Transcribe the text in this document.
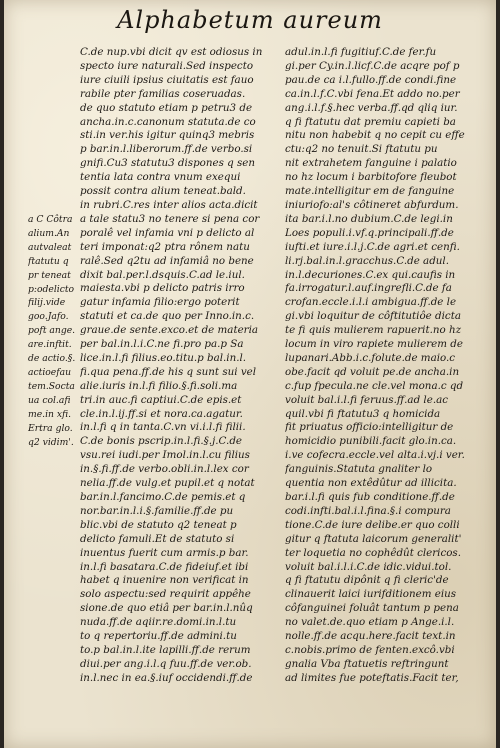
Alphabetum aureum
a C Côtra
alium.An
autvaleat
ftatutu q
pr teneat
p:odelicto
filij.vide
goo.Jafo.
poft ange.
are.inftit.
de actio.§.
actioefau
tem.Socta
ua col.afi
me.in xfi.
Ertra glo.
q2 vidim'.
C.de nup.vbi dicit qv est odiosus in
specto iure naturali.Sed inspecto
iure ciuili ipsius ciuitatis est fauo
rabile pter familias coseruadas.
de quo statuto etiam p petru3 de
ancha.in.c.canonum statuta.de co
sti.in ver.his igitur quinq3 mebris
p bar.in.l.liberorum.ff.de verbo.si
gnifi.Cu3 statutu3 dispones q sen
tentia lata contra vnum exequi
possit contra alium teneat.bald.
in rubri.C.res inter alios acta.dicit
a tale statu3 no tenere si pena cor
poralê vel infamia vni p delicto al
teri imponat:q2 ptra rônem natu
ralê.Sed q2tu ad infamiâ no bene
dixit bal.per.l.dsquis.C.ad le.iul.
maiesta.vbi p delicto patris irro
gatur infamia filio:ergo poterit
statuti et ca.de quo per Inno.in.c.
graue.de sente.exco.et de materia
per bal.in.l.i.C.ne fi.pro pa.p Sa
lice.in.l.fi filius.eo.titu.p bal.in.l.
fi.qua pena.ff.de his q sunt sui vel
alie.iuris in.l.fi filio.§.fi.soli.ma
tri.in auc.fi captiui.C.de epis.et
cle.in.l.ij.ff.si et nora.ca.agatur.
in.l.fi q in tanta.C.vn vi.i.l.fi filii.
C.de bonis pscrip.in.l.fi.§.j.C.de
vsu.rei iudi.per Imol.in.l.cu filius
in.§.fi.ff.de verbo.obli.in.l.lex cor
nelia.ff.de vulg.et pupil.et q notat
bar.in.l.fancimo.C.de pemis.et q
nor.bar.in.l.i.§.familie.ff.de pu
blic.vbi de statuto q2 teneat p
delicto famuli.Et de statuto si
inuentus fuerit cum armis.p bar.
in.l.fi basatara.C.de fideiuf.et ibi
habet q inuenire non verificat in
solo aspectu:sed requirit appêhe
sione.de quo etiâ per bar.in.l.nûq
nuda.ff.de aqiir.re.domi.in.l.tu
to q repertoriu.ff.de admini.tu
to.p bal.in.l.ite lapilli.ff.de rerum
diui.per ang.i.l.q fuu.ff.de ver.ob.
in.l.nec in ea.§.iuf occidendi.ff.de
adul.in.l.fi fugitiuf.C.de fer.fu
gi.per Cy.in.l.licf.C.de acqre pof p
pau.de ca i.l.fullo.ff.de condi.fine
ca.in.l.f.C.vbi fena.Et addo no.per
ang.i.l.f.§.hec verba.ff.qd qliq iur.
q fi ftatutu dat premiu capieti ba
nitu non habebit q no cepit cu effe
ctu:q2 no tenuit.Si ftatutu pu
nit extrahetem fanguine i palatio
no hz locum i barbitofore fleubot
mate.intelligitur em de fanguine
iniuriofo:al's côtineret abfurdum.
ita bar.i.l.no dubium.C.de legi.in
Loes populi.i.vf.q.principali.ff.de
iufti.et iure.i.l.j.C.de agri.et cenfi.
li.rj.bal.in.l.gracchus.C.de adul.
in.l.decuriones.C.ex qui.caufis in
fa.irrogatur.l.auf.ingrefli.C.de fa
crofan.eccle.i.l.i ambigua.ff.de le
gi.vbi loquitur de côftitutiôe dicta
te fi quis mulierem rapuerit.no hz
locum in viro rapiete mulierem de
lupanari.Abb.i.c.folute.de maio.c
obe.facit qd voluit pe.de ancha.in
c.fup fpecula.ne cle.vel mona.c qd
voluit bal.i.l.fi feruus.ff.ad le.ac
quil.vbi fi ftatutu3 q homicida
fit priuatus officio:intelligitur de
homicidio punibili.facit glo.in.ca.
i.ve cofecra.eccle.vel alta.i.vj.i ver.
fanguinis.Statuta gnaliter lo
quentia non extêdûtur ad illicita.
bar.i.l.fi quis fub conditione.ff.de
codi.infti.bal.i.l.fina.§.i compura
tione.C.de iure delibe.er quo colli
gitur q ftatuta laicorum generalit'
ter loquetia no cophêdût clericos.
voluit bal.i.l.i.C.de idic.vidui.tol.
q fi ftatutu dipônit q fi cleric'de
clinauerit laici iurifditionem eius
côfanguinei foluât tantum p pena
no valet.de.quo etiam p Ange.i.l.
nolle.ff.de acqu.here.facit text.in
c.nobis.primo de fenten.excô.vbi
gnalia Vba ftatuetis reftringunt
ad limites fue poteftatis.Facit ter,
